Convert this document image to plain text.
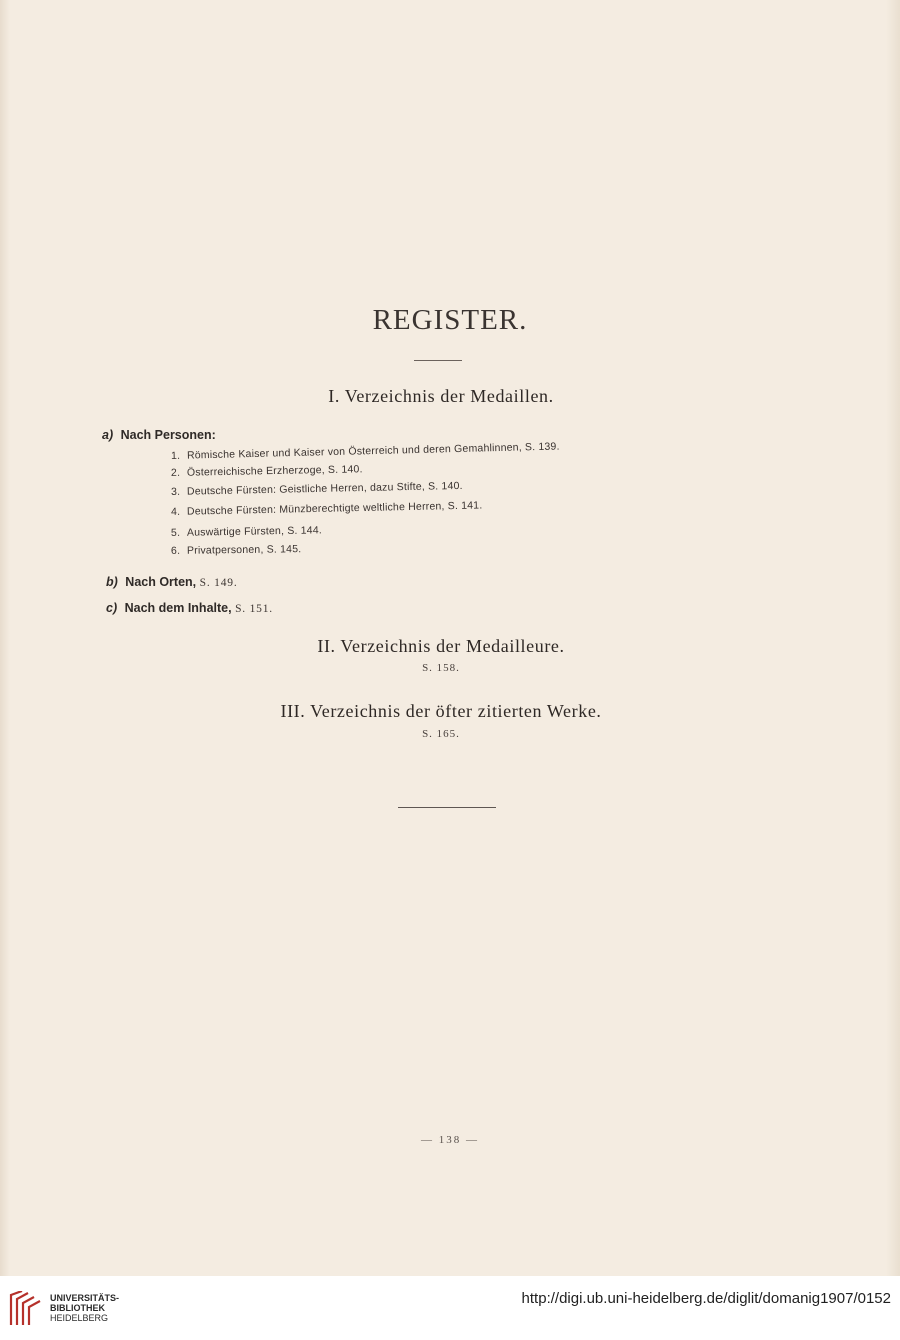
REGISTER.
I. Verzeichnis der Medaillen.
a) Nach Personen:
1. Römische Kaiser und Kaiser von Österreich und deren Gemahlinnen, S. 139.
2. Österreichische Erzherzoge, S. 140.
3. Deutsche Fürsten: Geistliche Herren, dazu Stifte, S. 140.
4. Deutsche Fürsten: Münzberechtigte weltliche Herren, S. 141.
5. Auswärtige Fürsten, S. 144.
6. Privatpersonen, S. 145.
b) Nach Orten, S. 149.
c) Nach dem Inhalte, S. 151.
II. Verzeichnis der Medailleure.
S. 158.
III. Verzeichnis der öfter zitierten Werke.
S. 165.
— 138 —
UNIVERSITÄTS-
BIBLIOTHEK
HEIDELBERG
http://digi.ub.uni-heidelberg.de/diglit/domanig1907/0152
